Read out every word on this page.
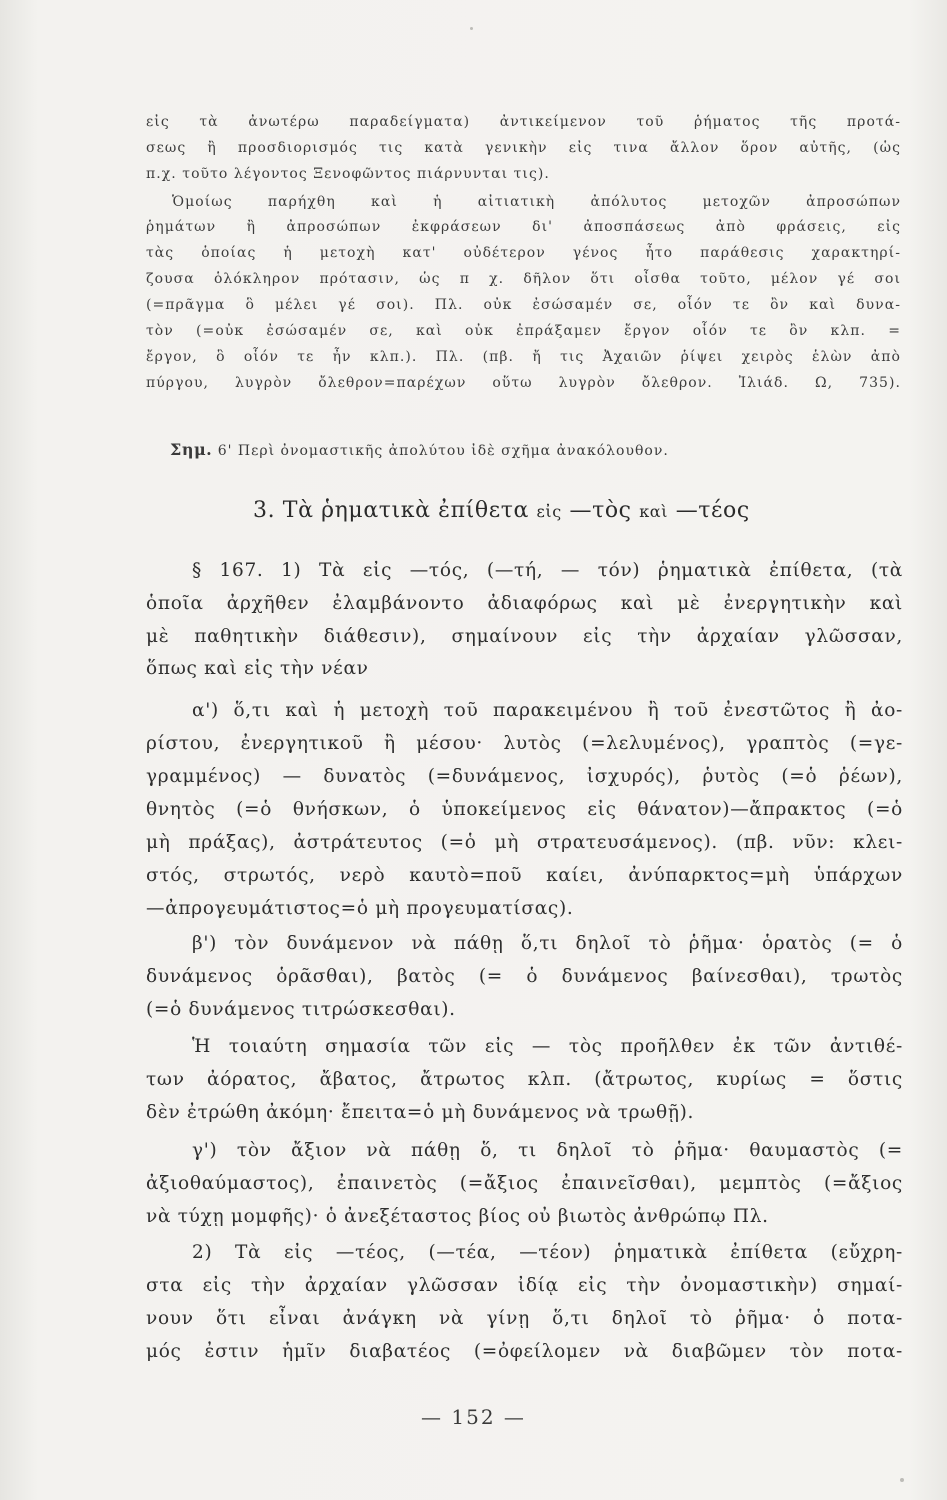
εἰς τὰ ἀνωτέρω παραδείγματα) ἀντικείμενον τοῦ ῥήματος τῆς προτά-
σεως ἢ προσδιορισμός τις κατὰ γενικὴν εἰς τινα ἄλλον ὅρον αὐτῆς, (ὡς
π.χ. τοῦτο λέγοντος Ξενοφῶντος πιάρνυνται τις).
Ὁμοίως παρήχθη καὶ ἡ αἰτιατικὴ ἀπόλυτος μετοχῶν ἀπροσώπων
ῥημάτων ἢ ἀπροσώπων ἐκφράσεων δι' ἀποσπάσεως ἀπὸ φράσεις, εἰς
τὰς ὁποίας ἡ μετοχὴ κατ' οὐδέτερον γένος ἦτο παράθεσις χαρακτηρί-
ζουσα ὁλόκληρον πρότασιν, ὡς π χ. δῆλον ὅτι οἶσθα τοῦτο, μέλον γέ σοι
(=πρᾶγμα ὃ μέλει γέ σοι). Πλ. οὐκ ἐσώσαμέν σε, οἷόν τε ὂν καὶ δυνα-
τὸν (=οὐκ ἐσώσαμέν σε, καὶ οὐκ ἐπράξαμεν ἔργον οἷόν τε ὂν κλπ. =
ἔργον, ὃ οἷόν τε ἦν κλπ.). Πλ. (πβ. ἤ τις Ἀχαιῶν ῥίψει χειρὸς ἑλὼν ἀπὸ
πύργου, λυγρὸν ὄλεθρον=παρέχων οὕτω λυγρὸν ὄλεθρον. Ἰλιάδ. Ω, 735).
Σημ. 6' Περὶ ὀνομαστικῆς ἀπολύτου ἰδὲ σχῆμα ἀνακόλουθον.
3. Τὰ ῥηματικὰ ἐπίθετα εἰς —τὸς καὶ —τέος
§ 167. 1) Τὰ εἰς —τός, (—τή, — τόν) ῥηματικὰ ἐπίθετα, (τὰ
ὁποῖα ἀρχῆθεν ἐλαμβάνοντο ἀδιαφόρως καὶ μὲ ἐνεργητικὴν καὶ
μὲ παθητικὴν διάθεσιν), σημαίνουν εἰς τὴν ἀρχαίαν γλῶσσαν,
ὅπως καὶ εἰς τὴν νέαν
α') ὅ,τι καὶ ἡ μετοχὴ τοῦ παρακειμένου ἢ τοῦ ἐνεστῶτος ἢ ἀο-
ρίστου, ἐνεργητικοῦ ἢ μέσου· λυτὸς (=λελυμένος), γραπτὸς (=γε-
γραμμένος) — δυνατὸς (=δυνάμενος, ἰσχυρός), ῥυτὸς (=ὁ ῥέων),
θνητὸς (=ὁ θνήσκων, ὁ ὑποκείμενος εἰς θάνατον)—ἄπρακτος (=ὁ
μὴ πράξας), ἀστράτευτος (=ὁ μὴ στρατευσάμενος). (πβ. νῦν: κλει-
στός, στρωτός, νερὸ καυτὸ=ποῦ καίει, ἀνύπαρκτος=μὴ ὑπάρχων
—ἀπρογευμάτιστος=ὁ μὴ προγευματίσας).
β') τὸν δυνάμενον νὰ πάθῃ ὅ,τι δηλοῖ τὸ ῥῆμα· ὁρατὸς (= ὁ
δυνάμενος ὁρᾶσθαι), βατὸς (= ὁ δυνάμενος βαίνεσθαι), τρωτὸς
(=ὁ δυνάμενος τιτρώσκεσθαι).
Ἡ τοιαύτη σημασία τῶν εἰς — τὸς προῆλθεν ἐκ τῶν ἀντιθέ-
των ἀόρατος, ἄβατος, ἄτρωτος κλπ. (ἄτρωτος, κυρίως = ὅστις
δὲν ἐτρώθη ἀκόμη· ἔπειτα=ὁ μὴ δυνάμενος νὰ τρωθῇ).
γ') τὸν ἄξιον νὰ πάθῃ ὅ, τι δηλοῖ τὸ ῥῆμα· θαυμαστὸς (=
ἀξιοθαύμαστος), ἐπαινετὸς (=ἄξιος ἐπαινεῖσθαι), μεμπτὸς (=ἄξιος
νὰ τύχῃ μομφῆς)· ὁ ἀνεξέταστος βίος οὐ βιωτὸς ἀνθρώπῳ Πλ.
2) Τὰ εἰς —τέος, (—τέα, —τέον) ῥηματικὰ ἐπίθετα (εὔχρη-
στα εἰς τὴν ἀρχαίαν γλῶσσαν ἰδίᾳ εἰς τὴν ὀνομαστικὴν) σημαί-
νουν ὅτι εἶναι ἀνάγκη νὰ γίνῃ ὅ,τι δηλοῖ τὸ ῥῆμα· ὁ ποτα-
μός ἐστιν ἡμῖν διαβατέος (=ὀφείλομεν νὰ διαβῶμεν τὸν ποτα-
— 152 —
